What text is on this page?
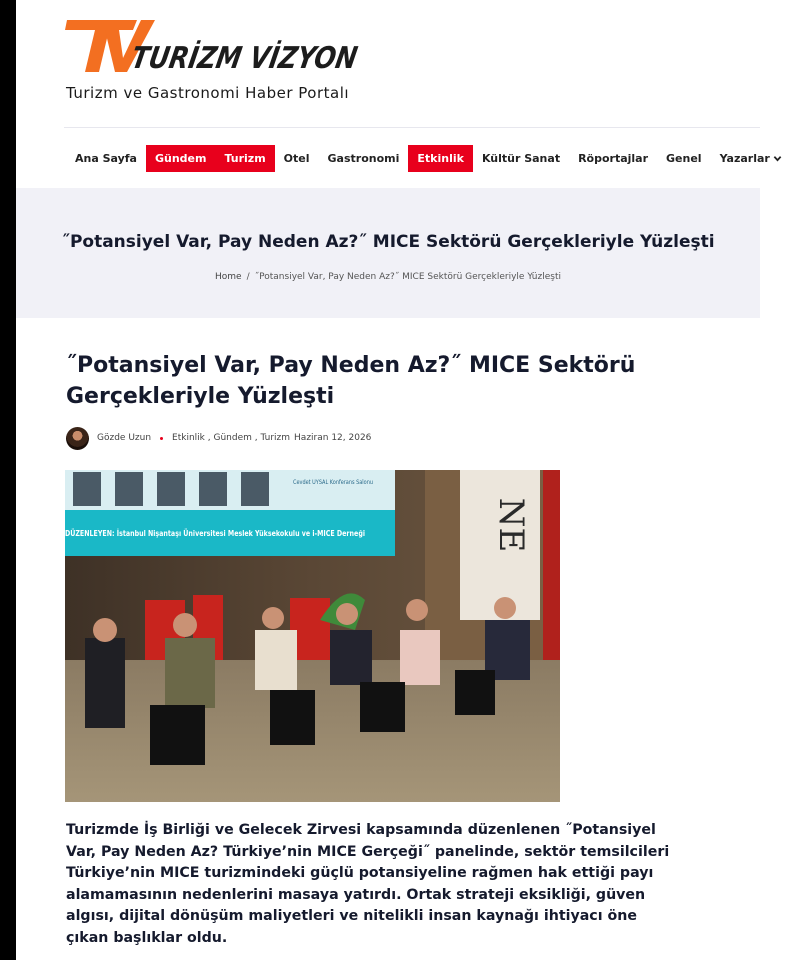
TURİZM VİZYON
Turizm ve Gastronomi Haber Portalı
Ana Sayfa Gündem Turizm Otel Gastronomi Etkinlik Kültür Sanat Röportajlar Genel Yazarlar
˝Potansiyel Var, Pay Neden Az?˝ MICE Sektörü Gerçekleriyle Yüzleşti
Home / ˝Potansiyel Var, Pay Neden Az?˝ MICE Sektörü Gerçekleriyle Yüzleşti
˝Potansiyel Var, Pay Neden Az?˝ MICE Sektörü Gerçekleriyle Yüzleşti
Gözde Uzun Etkinlik , Gündem , Turizm Haziran 12, 2026
NE
Cevdet UYSAL Konferans Salonu
DÜZENLEYEN: İstanbul Nişantaşı Üniversitesi Meslek Yüksekokulu ve i-MICE Derneği

Turizmde İş Birliği ve Gelecek Zirvesi kapsamında düzenlenen ˝Potansiyel Var, Pay Neden Az? Türkiye’nin MICE Gerçeği˝ panelinde, sektör temsilcileri Türkiye’nin MICE turizmindeki güçlü potansiyeline rağmen hak ettiği payı alamamasının nedenlerini masaya yatırdı. Ortak strateji eksikliği, güven algısı, dijital dönüşüm maliyetleri ve nitelikli insan kaynağı ihtiyacı öne çıkan başlıklar oldu.
